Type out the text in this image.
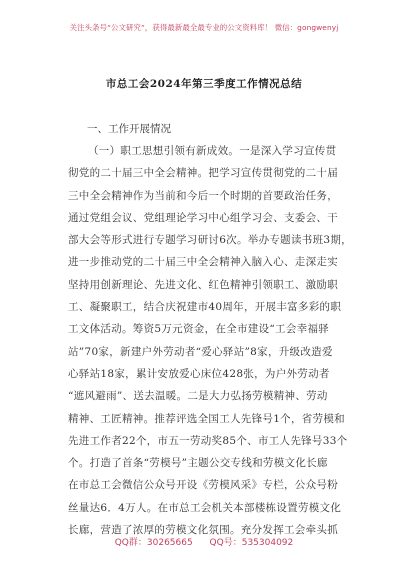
关注头条号“公文研究”，获得最新最全最专业的公文资料库！ 微信：gongwenyj
市总工会2024年第三季度工作情况总结
一、工作开展情况
（一）职工思想引领有新成效。一是深入学习宣传贯
彻党的二十届三中全会精神。把学习宣传贯彻党的二十届
三中全会精神作为当前和今后一个时期的首要政治任务，
通过党组会议、党组理论学习中心组学习会、支委会、干
部大会等形式进行专题学习研讨6次。举办专题读书班3期，
进一步推动党的二十届三中全会精神入脑入心、走深走实
坚持用创新理论、先进文化、红色精神引领职工、激励职
工、凝聚职工，结合庆祝建市40周年，开展丰富多彩的职
工文体活动。筹资5万元资金，在全市建设“工会幸福驿
站”70家，新建户外劳动者“爱心驿站”8家，升级改造爱
心驿站18家，累计安放爱心床位428张，为户外劳动者
“遮风避雨”、送去温暖。二是大力弘扬劳模精神、劳动
精神、工匠精神。推荐评选全国工人先锋号1个，省劳模和
先进工作者22个，市五一劳动奖85个、市工人先锋号33个
个。打造了首条“劳模号”主题公交专线和劳模文化长廊
在市总工会微信公众号开设《劳模风采》专栏，公众号粉
丝量达6．4万人。在市总工会机关本部楼栋设置劳模文化
长廊，营造了浓厚的劳模文化氛围。充分发挥工会牵头抓
QQ群：30265665 QQ号：535304092
